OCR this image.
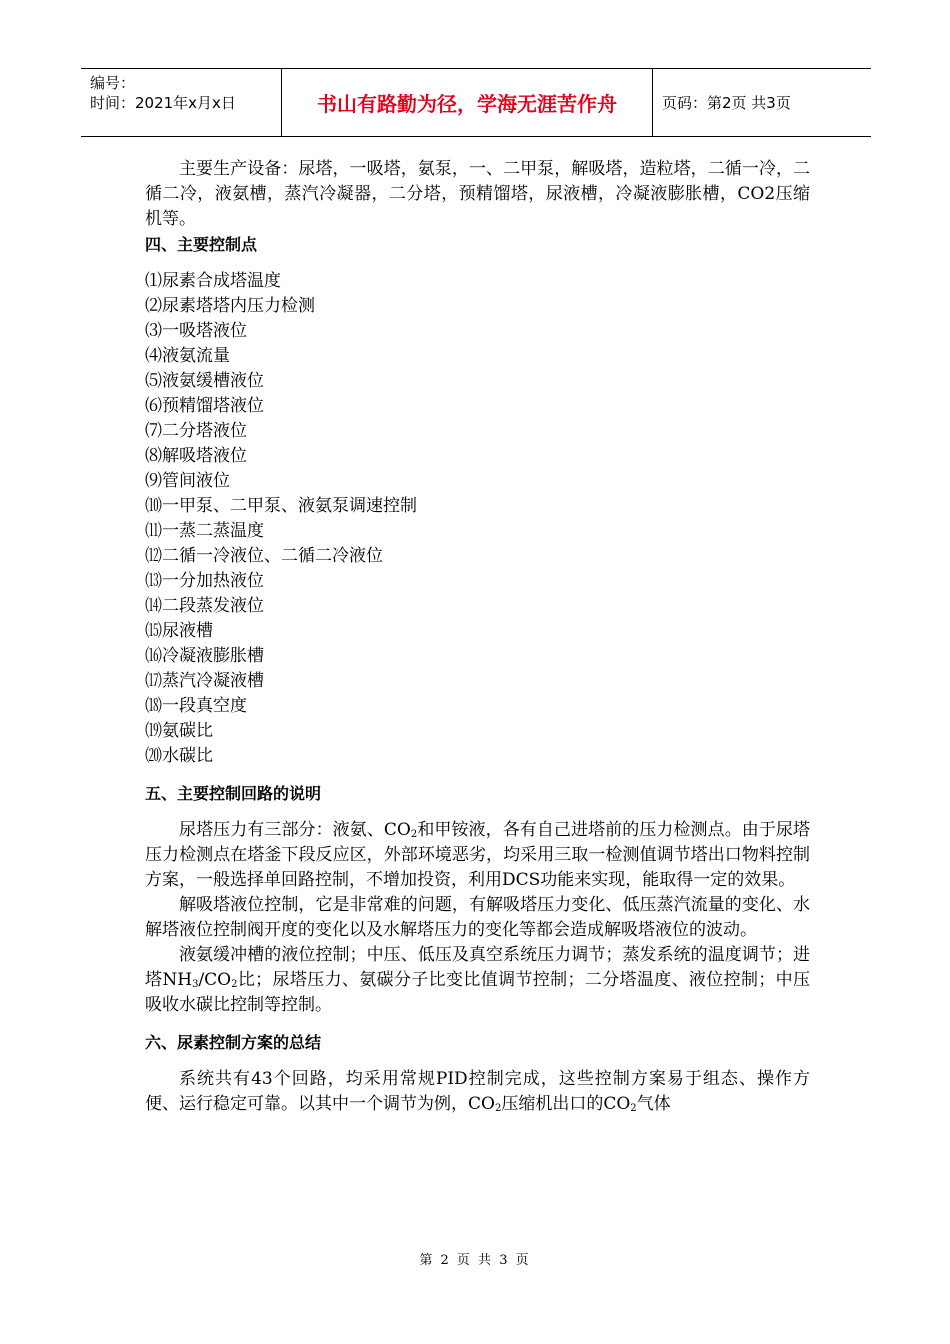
编号：
时间：2021年x月x日	书山有路勤为径，学海无涯苦作舟	页码：第2页 共3页

主要生产设备：尿塔，一吸塔，氨泵，一、二甲泵，解吸塔，造粒塔，二循一冷，二循二冷，液氨槽，蒸汽冷凝器，二分塔，预精馏塔，尿液槽，冷凝液膨胀槽，CO2压缩机等。

四、主要控制点

⑴尿素合成塔温度
⑵尿素塔塔内压力检测
⑶一吸塔液位
⑷液氨流量
⑸液氨缓槽液位
⑹预精馏塔液位
⑺二分塔液位
⑻解吸塔液位
⑼管间液位
⑽一甲泵、二甲泵、液氨泵调速控制
⑾一蒸二蒸温度
⑿二循一冷液位、二循二冷液位
⒀一分加热液位
⒁二段蒸发液位
⒂尿液槽
⒃冷凝液膨胀槽
⒄蒸汽冷凝液槽
⒅一段真空度
⒆氨碳比
⒇水碳比

五、主要控制回路的说明

尿塔压力有三部分：液氨、$CO_2$和甲铵液，各有自己进塔前的压力检测点。由于尿塔压力检测点在塔釜下段反应区，外部环境恶劣，均采用三取一检测值调节塔出口物料控制方案，一般选择单回路控制，不增加投资，利用DCS功能来实现，能取得一定的效果。

解吸塔液位控制，它是非常难的问题，有解吸塔压力变化、低压蒸汽流量的变化、水解塔液位控制阀开度的变化以及水解塔压力的变化等都会造成解吸塔液位的波动。

液氨缓冲槽的液位控制；中压、低压及真空系统压力调节；蒸发系统的温度调节；进塔$NH_3/CO_2$比；尿塔压力、氨碳分子比变比值调节控制；二分塔温度、液位控制；中压吸收水碳比控制等控制。

六、尿素控制方案的总结

系统共有43个回路，均采用常规PID控制完成，这些控制方案易于组态、操作方便、运行稳定可靠。以其中一个调节为例，$CO_2$压缩机出口的$CO_2$气体

第 2 页 共 3 页
